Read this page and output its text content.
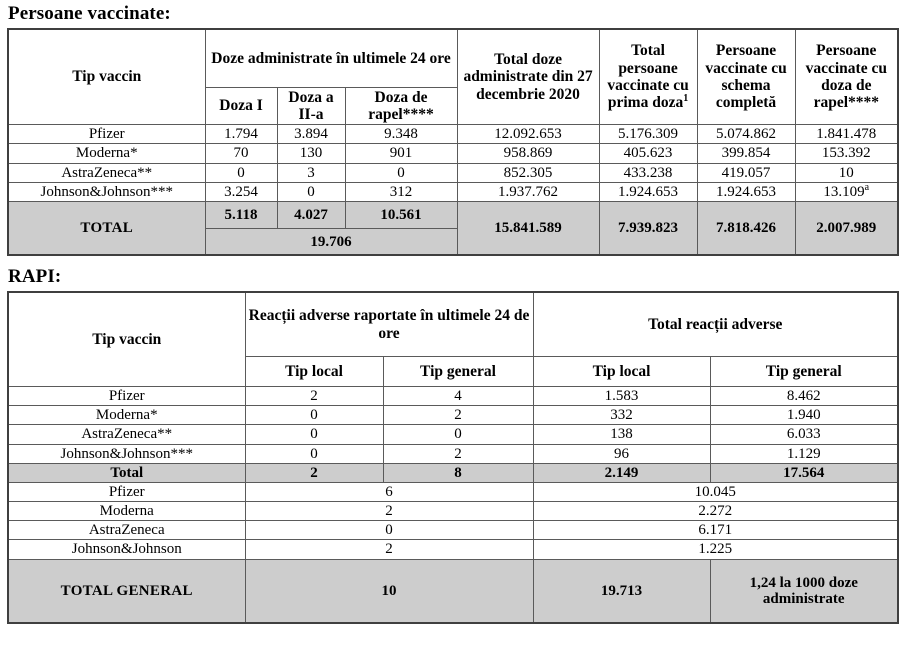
Persoane vaccinate:
Tip vaccin	Doze administrate în ultimele 24 ore			Total doze administrate din 27 decembrie 2020	Total persoane vaccinate cu prima doza$^1$	Persoane vaccinate cu schema completă	Persoane vaccinate cu doza de rapel****
	Doza I	Doza a II-a	Doza de rapel****				
Pfizer	1.794	3.894	9.348	12.092.653	5.176.309	5.074.862	1.841.478
Moderna*	70	130	901	958.869	405.623	399.854	153.392
AstraZeneca**	0	3	0	852.305	433.238	419.057	10
Johnson&Johnson***	3.254	0	312	1.937.762	1.924.653	1.924.653	13.109$^a$
TOTAL	5.118	4.027	10.561	15.841.589	7.939.823	7.818.426	2.007.989
	19.706						
RAPI:
Tip vaccin	Reacții adverse raportate în ultimele 24 de ore		Total reacții adverse	
	Tip local	Tip general	Tip local	Tip general
Pfizer	2	4	1.583	8.462
Moderna*	0	2	332	1.940
AstraZeneca**	0	0	138	6.033
Johnson&Johnson***	0	2	96	1.129
Total	2	8	2.149	17.564
Pfizer	6		10.045	
Moderna	2		2.272	
AstraZeneca	0		6.171	
Johnson&Johnson	2		1.225	
TOTAL GENERAL	10		19.713	1,24 la 1000 doze administrate
